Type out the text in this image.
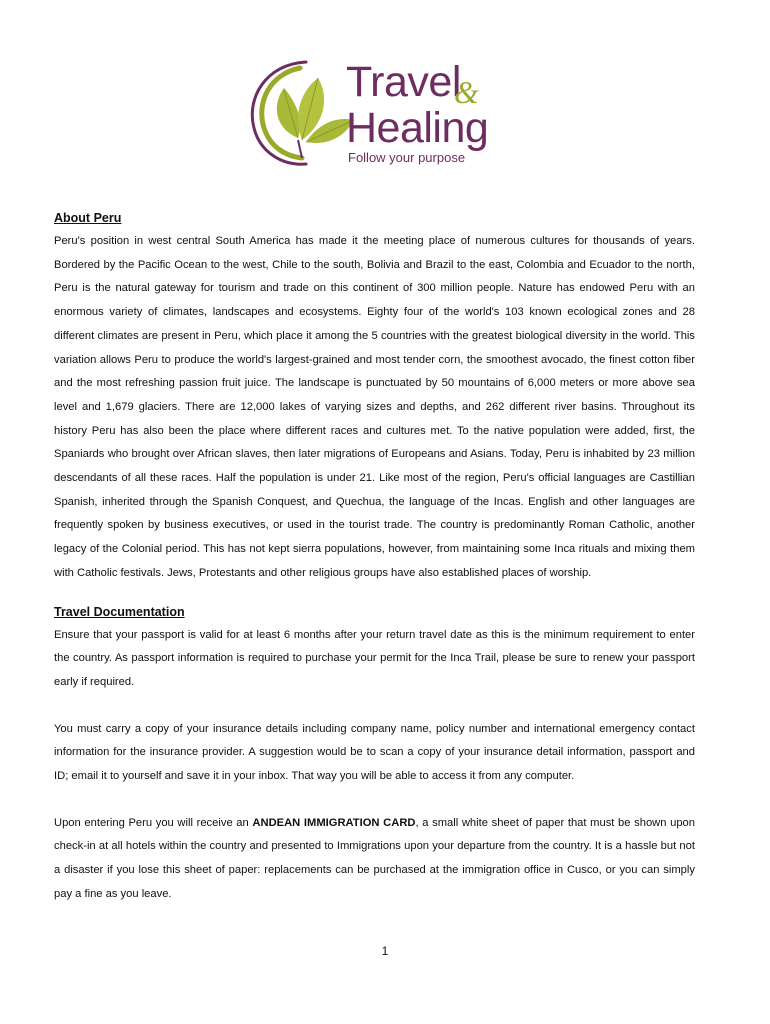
Travel
&
Healing
Follow your purpose
About Peru

Peru's position in west central South America has made it the meeting place of numerous cultures for thousands of years. Bordered by the Pacific Ocean to the west, Chile to the south, Bolivia and Brazil to the east, Colombia and Ecuador to the north, Peru is the natural gateway for tourism and trade on this continent of 300 million people. Nature has endowed Peru with an enormous variety of climates, landscapes and ecosystems. Eighty four of the world's 103 known ecological zones and 28 different climates are present in Peru, which place it among the 5 countries with the greatest biological diversity in the world. This variation allows Peru to produce the world's largest-grained and most tender corn, the smoothest avocado, the finest cotton fiber and the most refreshing passion fruit juice. The landscape is punctuated by 50 mountains of 6,000 meters or more above sea level and 1,679 glaciers. There are 12,000 lakes of varying sizes and depths, and 262 different river basins. Throughout its history Peru has also been the place where different races and cultures met. To the native population were added, first, the Spaniards who brought over African slaves, then later migrations of Europeans and Asians. Today, Peru is inhabited by 23 million descendants of all these races. Half the population is under 21. Like most of the region, Peru's official languages are Castillian Spanish, inherited through the Spanish Conquest, and Quechua, the language of the Incas. English and other languages are frequently spoken by business executives, or used in the tourist trade. The country is predominantly Roman Catholic, another legacy of the Colonial period. This has not kept sierra populations, however, from maintaining some Inca rituals and mixing them with Catholic festivals. Jews, Protestants and other religious groups have also established places of worship.

Travel Documentation

Ensure that your passport is valid for at least 6 months after your return travel date as this is the minimum requirement to enter the country. As passport information is required to purchase your permit for the Inca Trail, please be sure to renew your passport early if required.

You must carry a copy of your insurance details including company name, policy number and international emergency contact information for the insurance provider. A suggestion would be to scan a copy of your insurance detail information, passport and ID; email it to yourself and save it in your inbox. That way you will be able to access it from any computer.

Upon entering Peru you will receive an ANDEAN IMMIGRATION CARD, a small white sheet of paper that must be shown upon check-in at all hotels within the country and presented to Immigrations upon your departure from the country. It is a hassle but not a disaster if you lose this sheet of paper: replacements can be purchased at the immigration office in Cusco, or you can simply pay a fine as you leave.

1
